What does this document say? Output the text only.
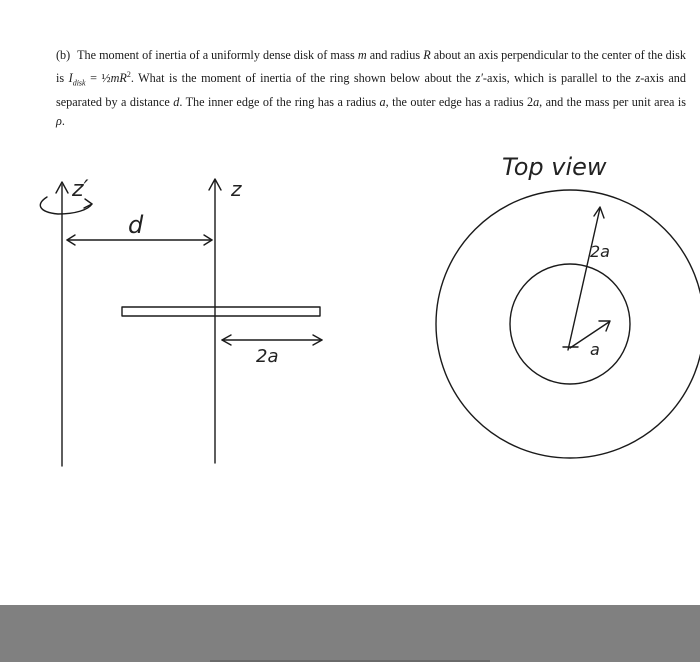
(b) The moment of inertia of a uniformly dense disk of mass m and radius R about an axis perpendicular to the center of the disk is $I_{disk}$ = $\frac{1}{2}mR^2$. What is the moment of inertia of the ring shown below about the z′-axis, which is parallel to the z-axis and separated by a distance d. The inner edge of the ring has a radius a, the outer edge has a radius 2a, and the mass per unit area is ρ.
z′	z
d
2a
Top view
2a
a
